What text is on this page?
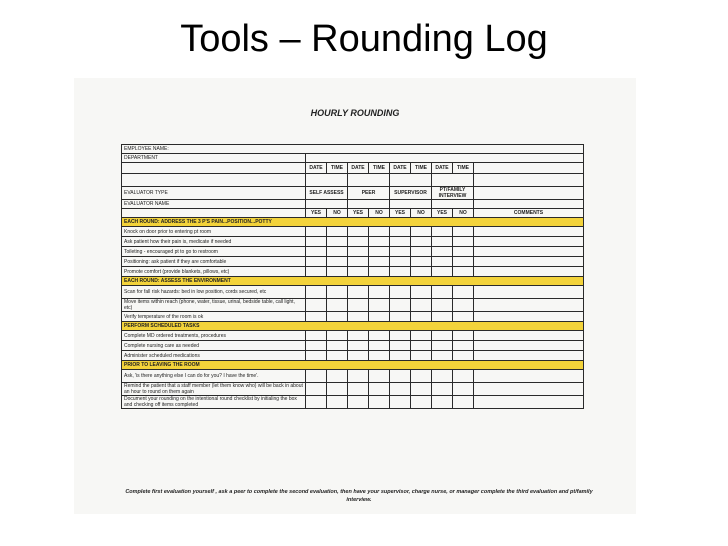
Tools – Rounding Log
HOURLY ROUNDING
EMPLOYEE NAME:									
DEPARTMENT									
	DATE	TIME	DATE	TIME	DATE	TIME	DATE	TIME	

EVALUATOR TYPE	SELF ASSESS		PEER		SUPERVISOR		PT/FAMILY INTERVIEW		
EVALUATOR NAME									
	YES	NO	YES	NO	YES	NO	YES	NO	COMMENTS
EACH ROUND: ADDRESS THE 3 P'S PAIN...POSITION...POTTY									
Knock on door prior to entering pt room									
Ask patient how their pain is, medicate if needed									
Toileting - encouraged pt to go to restroom									
Positioning: ask patient if they are comfortable									
Promote comfort (provide blankets, pillows, etc)									
EACH ROUND: ASSESS THE ENVIRONMENT									
Scan for fall risk hazards: bed in low position, cords secured, etc									
Move items within reach (phone, water, tissue, urinal, bedside table, call light, etc)									
Verify temperature of the room is ok									
PERFORM SCHEDULED TASKS									
Complete MD ordered treatments, procedures									
Complete nursing care as needed									
Administer scheduled medications									
PRIOR TO LEAVING THE ROOM									
Ask, 'is there anything else I can do for you? I have the time'.									
Remind the patient that a staff member (let them know who) will be back in about an hour to round on them again									
Document your rounding on the intentional round checklist by initialing the box and checking off items completed									
Complete first evaluation yourself , ask a peer to complete the second evaluation, then have your supervisor, charge nurse, or manager complete the third evaluation and pt/family interview.
